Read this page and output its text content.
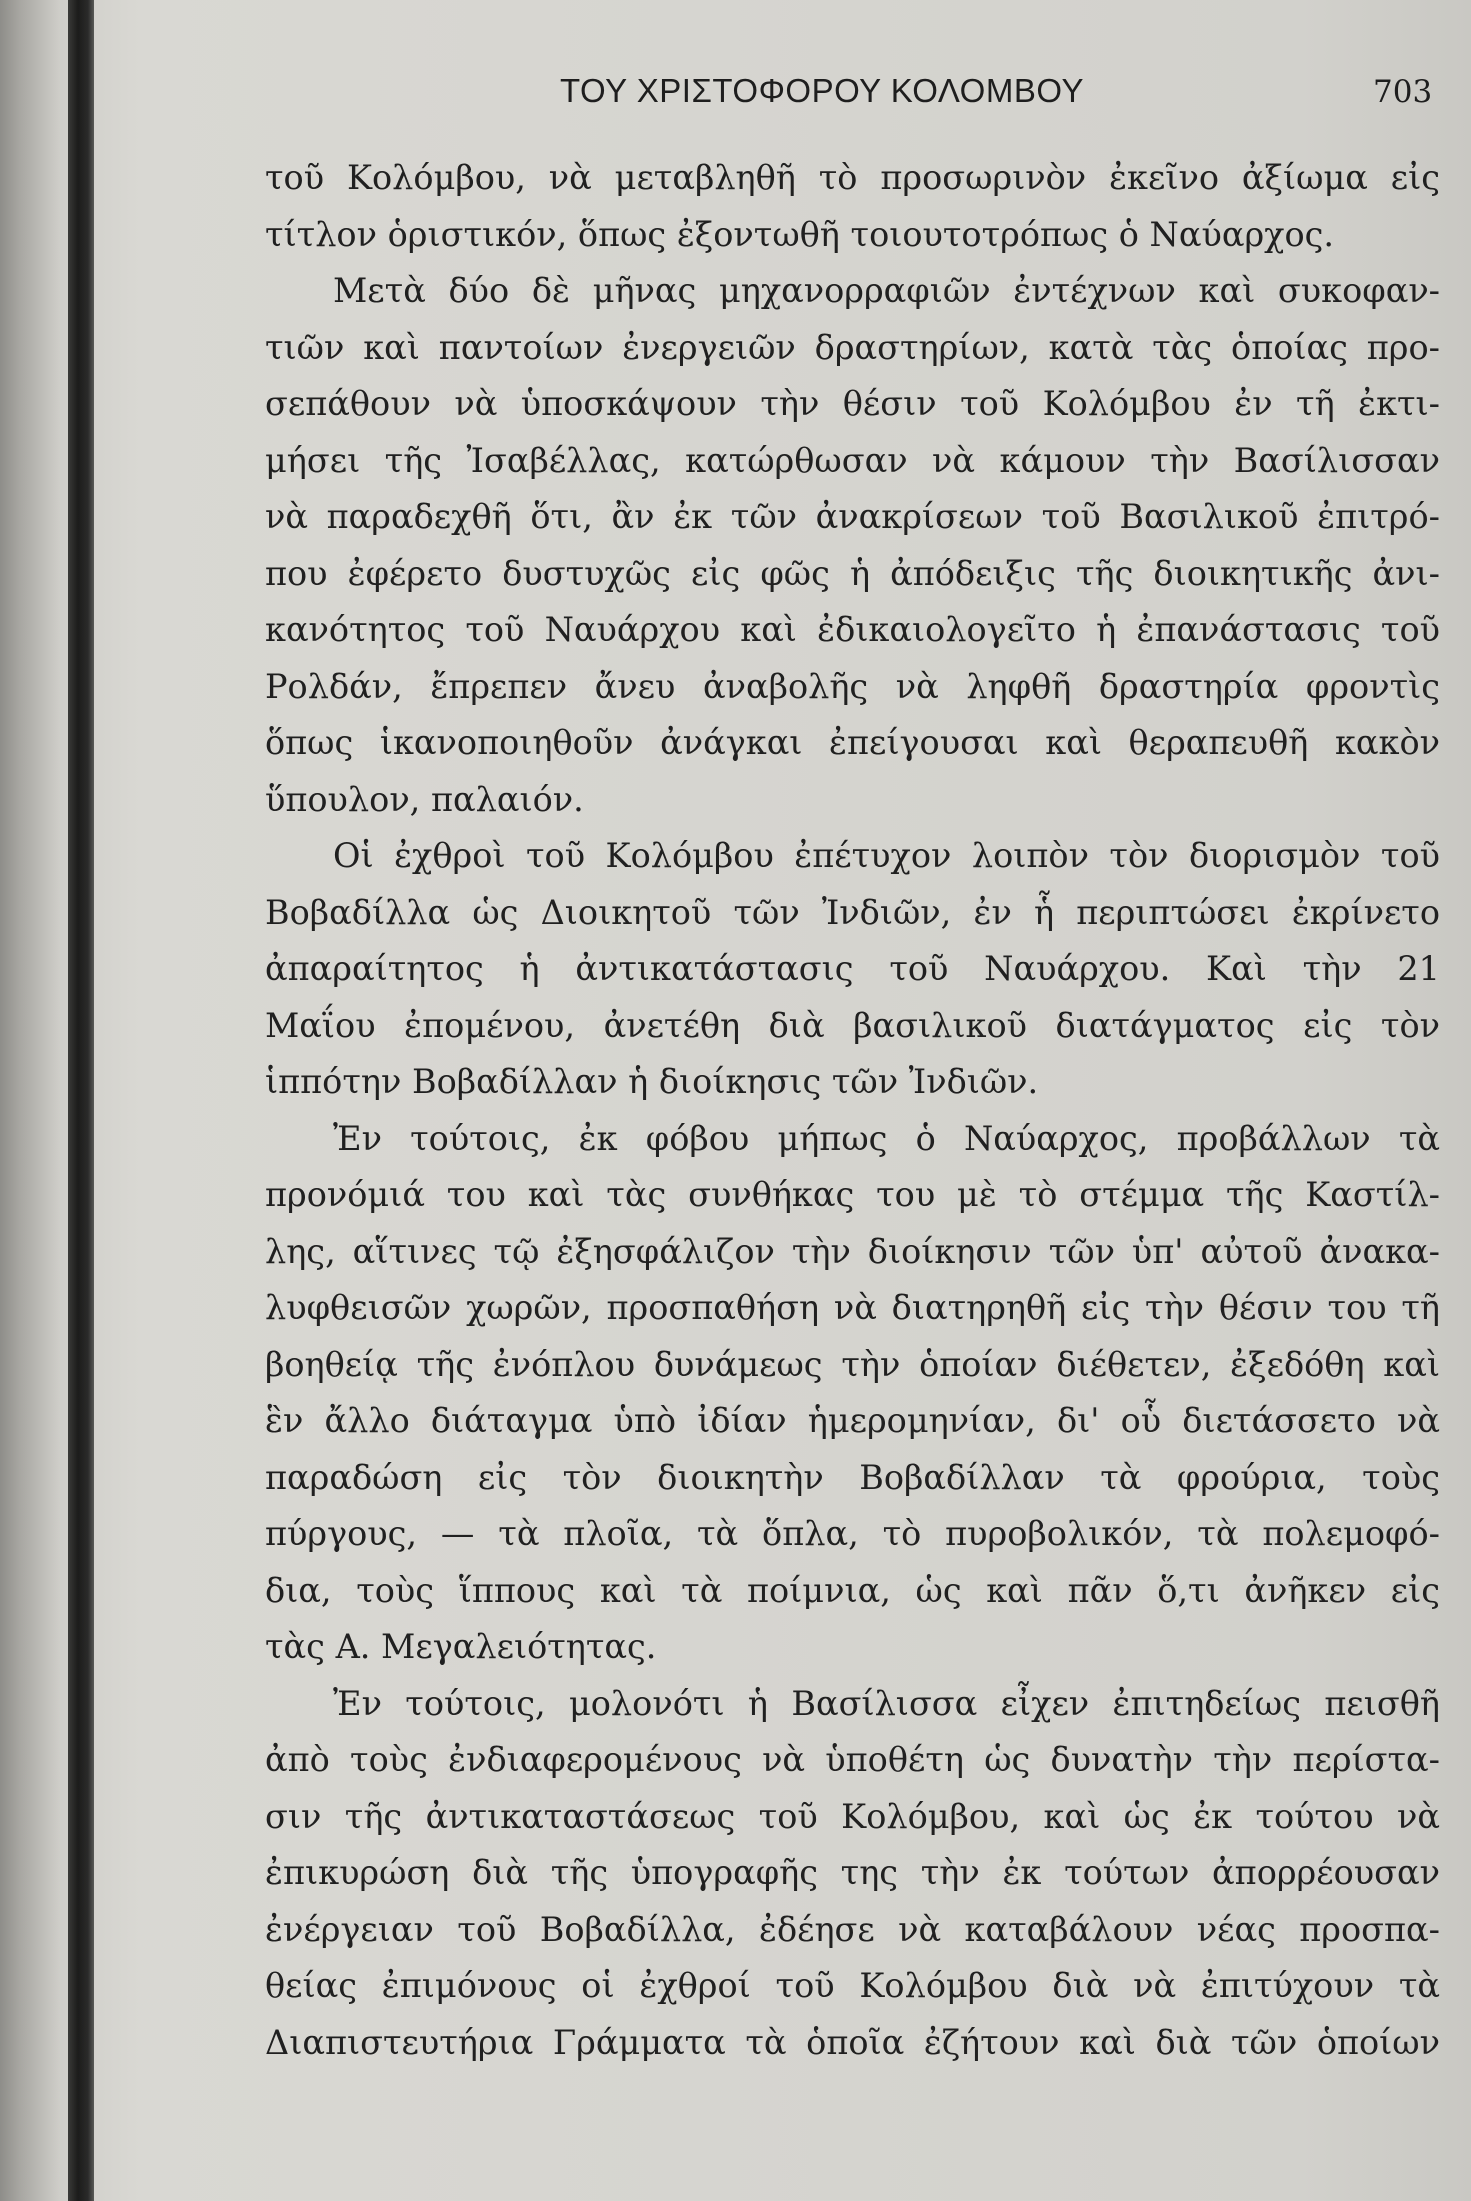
ΤΟΥ ΧΡΙΣΤΟΦΟΡΟΥ ΚΟΛΟΜΒΟΥ	703
τοῦ Κολόμβου, νὰ μεταβληθῆ τὸ προσωρινὸν ἐκεῖνο ἀξίωμα εἰς
τίτλον ὁριστικόν, ὅπως ἐξοντωθῆ τοιουτοτρόπως ὁ Ναύαρχος.
Μετὰ δύο δὲ μῆνας μηχανορραφιῶν ἐντέχνων καὶ συκοφαν-
τιῶν καὶ παντοίων ἐνεργειῶν δραστηρίων, κατὰ τὰς ὁποίας προ-
σεπάθουν νὰ ὑποσκάψουν τὴν θέσιν τοῦ Κολόμβου ἐν τῆ ἐκτι-
μήσει τῆς Ἰσαβέλλας, κατώρθωσαν νὰ κάμουν τὴν Βασίλισσαν
νὰ παραδεχθῆ ὅτι, ἂν ἐκ τῶν ἀνακρίσεων τοῦ Βασιλικοῦ ἐπιτρό-
που ἐφέρετο δυστυχῶς εἰς φῶς ἡ ἀπόδειξις τῆς διοικητικῆς ἀνι-
κανότητος τοῦ Ναυάρχου καὶ ἐδικαιολογεῖτο ἡ ἐπανάστασις τοῦ
Ρολδάν, ἔπρεπεν ἄνευ ἀναβολῆς νὰ ληφθῆ δραστηρία φροντὶς
ὅπως ἱκανοποιηθοῦν ἀνάγκαι ἐπείγουσαι καὶ θεραπευθῆ κακὸν
ὕπουλον, παλαιόν.
Οἱ ἐχθροὶ τοῦ Κολόμβου ἐπέτυχον λοιπὸν τὸν διορισμὸν τοῦ
Βοβαδίλλα ὡς Διοικητοῦ τῶν Ἰνδιῶν, ἐν ἧ περιπτώσει ἐκρίνετο
ἀπαραίτητος ἡ ἀντικατάστασις τοῦ Ναυάρχου. Καὶ τὴν 21
Μαΐου ἐπομένου, ἀνετέθη διὰ βασιλικοῦ διατάγματος εἰς τὸν
ἱππότην Βοβαδίλλαν ἡ διοίκησις τῶν Ἰνδιῶν.
Ἐν τούτοις, ἐκ φόβου μήπως ὁ Ναύαρχος, προβάλλων τὰ
προνόμιά του καὶ τὰς συνθήκας του μὲ τὸ στέμμα τῆς Καστίλ-
λης, αἵτινες τῷ ἐξησφάλιζον τὴν διοίκησιν τῶν ὑπ' αὐτοῦ ἀνακα-
λυφθεισῶν χωρῶν, προσπαθήση νὰ διατηρηθῆ εἰς τὴν θέσιν του τῆ
βοηθείᾳ τῆς ἐνόπλου δυνάμεως τὴν ὁποίαν διέθετεν, ἐξεδόθη καὶ
ἓν ἄλλο διάταγμα ὑπὸ ἰδίαν ἡμερομηνίαν, δι' οὗ διετάσσετο νὰ
παραδώση εἰς τὸν διοικητὴν Βοβαδίλλαν τὰ φρούρια, τοὺς
πύργους, — τὰ πλοῖα, τὰ ὅπλα, τὸ πυροβολικόν, τὰ πολεμοφό-
δια, τοὺς ἵππους καὶ τὰ ποίμνια, ὡς καὶ πᾶν ὅ,τι ἀνῆκεν εἰς
τὰς Α. Μεγαλειότητας.
Ἐν τούτοις, μολονότι ἡ Βασίλισσα εἶχεν ἐπιτηδείως πεισθῆ
ἀπὸ τοὺς ἐνδιαφερομένους νὰ ὑποθέτη ὡς δυνατὴν τὴν περίστα-
σιν τῆς ἀντικαταστάσεως τοῦ Κολόμβου, καὶ ὡς ἐκ τούτου νὰ
ἐπικυρώση διὰ τῆς ὑπογραφῆς της τὴν ἐκ τούτων ἀπορρέουσαν
ἐνέργειαν τοῦ Βοβαδίλλα, ἐδέησε νὰ καταβάλουν νέας προσπα-
θείας ἐπιμόνους οἱ ἐχθροί τοῦ Κολόμβου διὰ νὰ ἐπιτύχουν τὰ
Διαπιστευτήρια Γράμματα τὰ ὁποῖα ἐζήτουν καὶ διὰ τῶν ὁποίων
